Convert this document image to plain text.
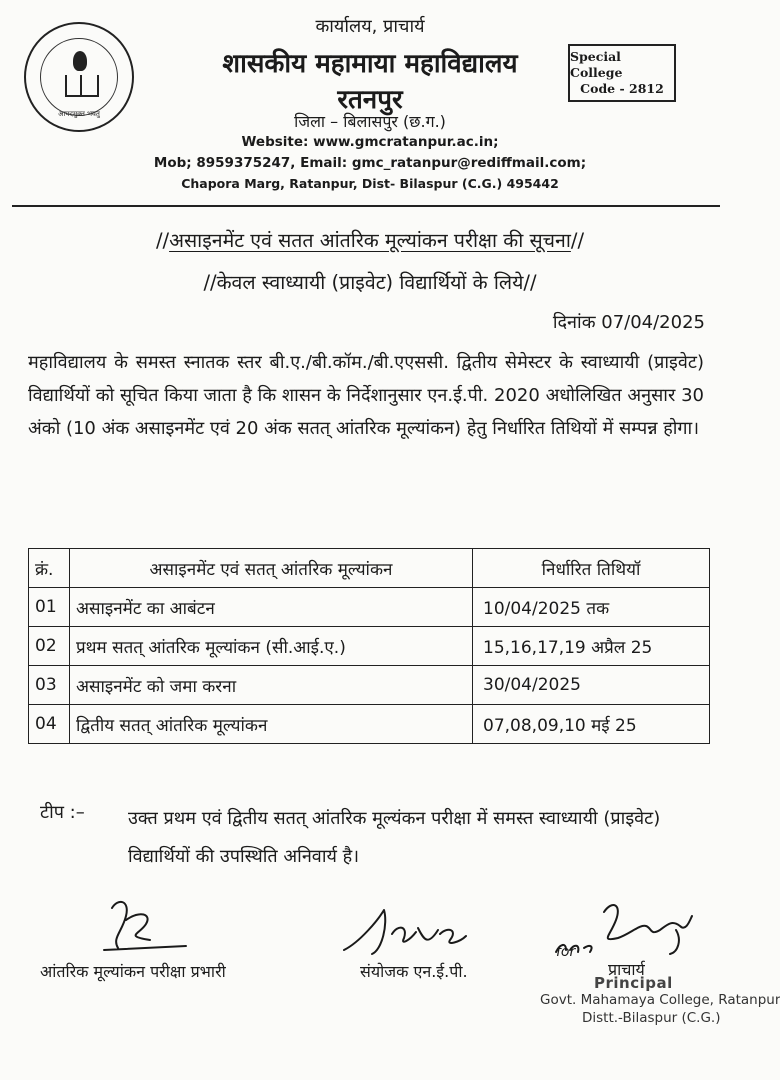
आपदमुक्त भवतु
कार्यालय, प्राचार्य
शासकीय महामाया महाविद्यालय
रतनपुर
जिला – बिलासपुर (छ.ग.)
Website: www.gmcratanpur.ac.in;
Mob; 8959375247, Email: gmc_ratanpur@rediffmail.com;
Chapora Marg, Ratanpur, Dist- Bilaspur (C.G.) 495442
Special College
Code - 2812
//असाइनमेंट एवं सतत आंतरिक मूल्यांकन परीक्षा की सूचना//
//केवल स्वाध्यायी (प्राइवेट) विद्यार्थियों के लिये//
दिनांक 07/04/2025
महाविद्यालय के समस्त स्नातक स्तर बी.ए./बी.कॉम./बी.एएससी. द्वितीय सेमेस्टर के स्वाध्यायी (प्राइवेट) विद्यार्थियों को सूचित किया जाता है कि शासन के निर्देशानुसार एन.ई.पी. 2020 अधोलिखित अनुसार 30 अंको (10 अंक असाइनमेंट एवं 20 अंक सतत् आंतरिक मूल्यांकन) हेतु निर्धारित तिथियों में सम्पन्न होगा।
क्रं.	असाइनमेंट एवं सतत् आंतरिक मूल्यांकन	निर्धारित तिथियॉ
01	असाइनमेंट का आबंटन	10/04/2025 तक
02	प्रथम सतत् आंतरिक मूल्यांकन (सी.आई.ए.)	15,16,17,19 अप्रैल 25
03	असाइनमेंट को जमा करना	30/04/2025
04	द्वितीय सतत् आंतरिक मूल्यांकन	07,08,09,10 मई 25
टीप :– उक्त प्रथम एवं द्वितीय सतत् आंतरिक मूल्यंकन परीक्षा में समस्त स्वाध्यायी (प्राइवेट) विद्यार्थियों की उपस्थिति अनिवार्य है।
आंतरिक मूल्यांकन परीक्षा प्रभारी	संयोजक एन.ई.पी.
for
प्राचार्य
Principal
Govt. Mahamaya College, Ratanpur
Distt.-Bilaspur (C.G.)
